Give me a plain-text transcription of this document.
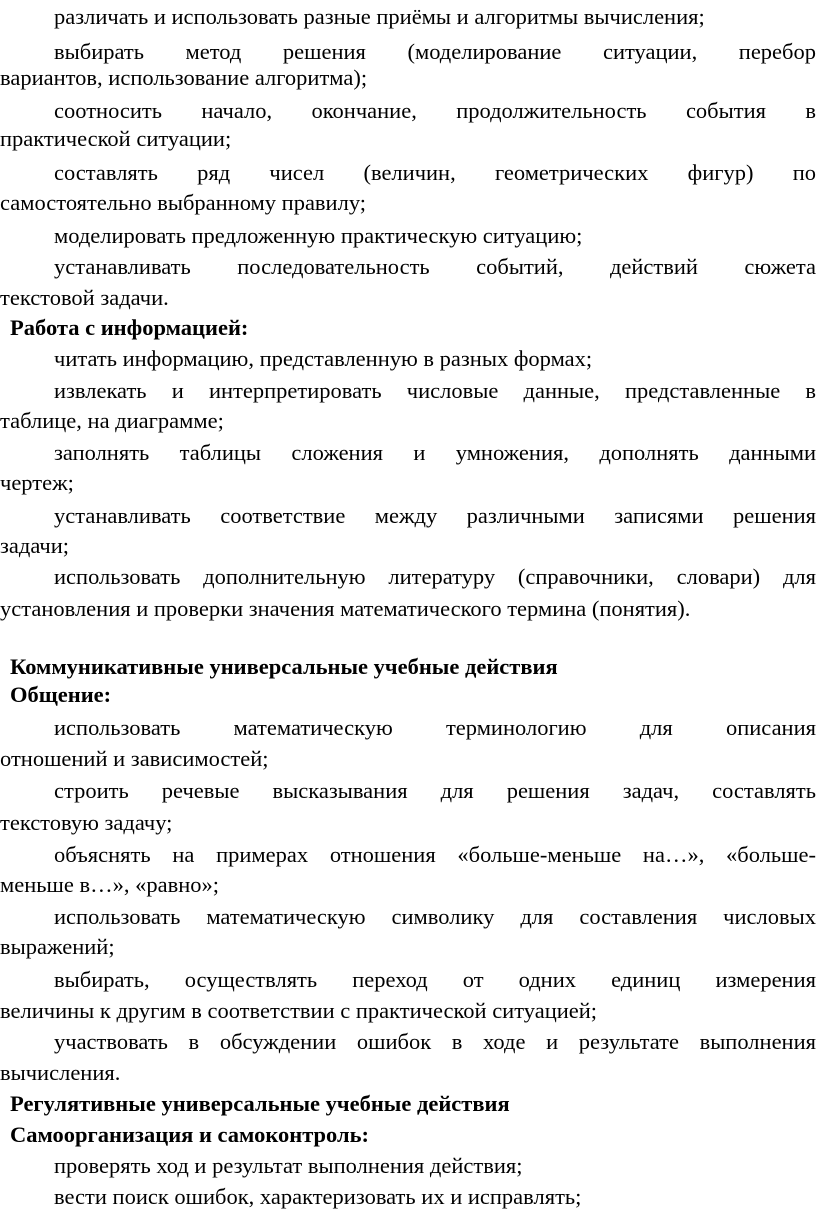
различать и использовать разные приёмы и алгоритмы вычисления;
выбирать метод решения (моделирование ситуации, перебор
вариантов, использование алгоритма);
соотносить начало, окончание, продолжительность события в
практической ситуации;
составлять ряд чисел (величин, геометрических фигур) по
самостоятельно выбранному правилу;
моделировать предложенную практическую ситуацию;
устанавливать последовательность событий, действий сюжета
текстовой задачи.
Работа с информацией:
читать информацию, представленную в разных формах;
извлекать и интерпретировать числовые данные, представленные в
таблице, на диаграмме;
заполнять таблицы сложения и умножения, дополнять данными
чертеж;
устанавливать соответствие между различными записями решения
задачи;
использовать дополнительную литературу (справочники, словари) для
установления и проверки значения математического термина (понятия).
Коммуникативные универсальные учебные действия
Общение:
использовать математическую терминологию для описания
отношений и зависимостей;
строить речевые высказывания для решения задач, составлять
текстовую задачу;
объяснять на примерах отношения «больше-меньше на…», «больше-
меньше в…», «равно»;
использовать математическую символику для составления числовых
выражений;
выбирать, осуществлять переход от одних единиц измерения
величины к другим в соответствии с практической ситуацией;
участвовать в обсуждении ошибок в ходе и результате выполнения
вычисления.
Регулятивные универсальные учебные действия
Самоорганизация и самоконтроль:
проверять ход и результат выполнения действия;
вести поиск ошибок, характеризовать их и исправлять;
